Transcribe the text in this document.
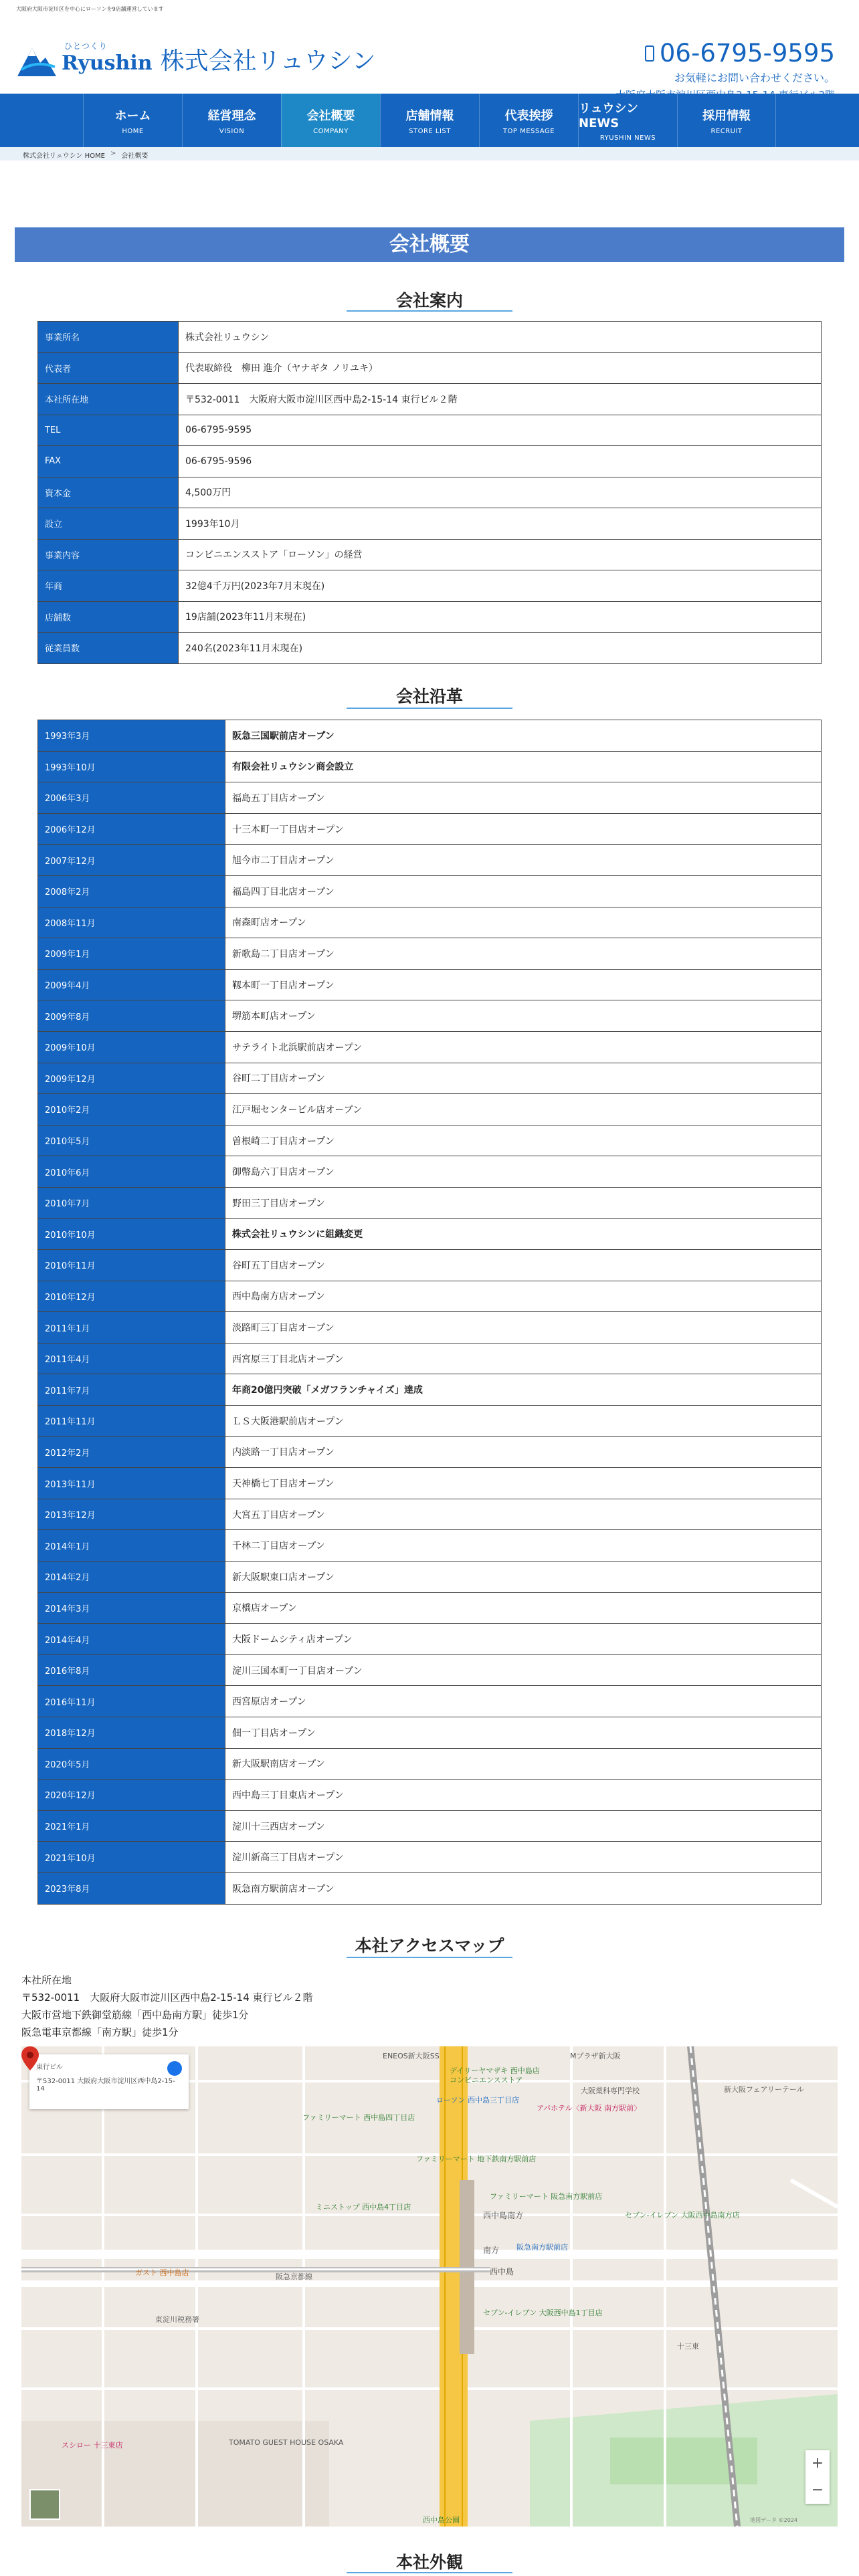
大阪府大阪市淀川区を中心にローソンを9店舗運営しています
ひとつくり
Ryushin 株式会社リュウシン	06-6795-9595
お気軽にお問い合わせください。
ホーム
HOME
経営理念
VISION
会社概要
COMPANY
店舗情報
STORE LIST
代表挨拶
TOP MESSAGE
リュウシンNEWS
RYUSHIN NEWS
採用情報
RECRUIT
株式会社リュウシン HOME > 会社概要
会社概要
会社案内
事業所名	株式会社リュウシン
代表者	代表取締役　柳田 進介（ヤナギタ ノリユキ）
本社所在地	〒532-0011　大阪府大阪市淀川区西中島2-15-14 東行ビル２階
TEL	06-6795-9595
FAX	06-6795-9596
資本金	4,500万円
設立	1993年10月
事業内容	コンビニエンスストア「ローソン」の経営
年商	32億4千万円(2023年7月末現在)
店舗数	19店舗(2023年11月末現在)
従業員数	240名(2023年11月末現在)
会社沿革
1993年3月	阪急三国駅前店オープン
1993年10月	有限会社リュウシン商会設立
2006年3月	福島五丁目店オープン
2006年12月	十三本町一丁目店オープン
2007年12月	旭今市二丁目店オープン
2008年2月	福島四丁目北店オープン
2008年11月	南森町店オープン
2009年1月	新歌島二丁目店オープン
2009年4月	靱本町一丁目店オープン
2009年8月	堺筋本町店オープン
2009年10月	サテライト北浜駅前店オープン
2009年12月	谷町二丁目店オープン
2010年2月	江戸堀センタービル店オープン
2010年5月	曽根崎二丁目店オープン
2010年6月	御幣島六丁目店オープン
2010年7月	野田三丁目店オープン
2010年10月	株式会社リュウシンに組織変更
2010年11月	谷町五丁目店オープン
2010年12月	西中島南方店オープン
2011年1月	淡路町三丁目店オープン
2011年4月	西宮原三丁目北店オープン
2011年7月	年商20億円突破「メガフランチャイズ」達成
2011年11月	ＬＳ大阪港駅前店オープン
2012年2月	内淡路一丁目店オープン
2013年11月	天神橋七丁目店オープン
2013年12月	大宮五丁目店オープン
2014年1月	千林二丁目店オープン
2014年2月	新大阪駅東口店オープン
2014年3月	京橋店オープン
2014年4月	大阪ドームシティ店オープン
2016年8月	淀川三国本町一丁目店オープン
2016年11月	西宮原店オープン
2018年12月	佃一丁目店オープン
2020年5月	新大阪駅南店オープン
2020年12月	西中島三丁目東店オープン
2021年1月	淀川十三西店オープン
2021年10月	淀川新高三丁目店オープン
2023年8月	阪急南方駅前店オープン
本社アクセスマップ
本社所在地
〒532-0011　大阪府大阪市淀川区西中島2-15-14 東行ビル２階
大阪市営地下鉄御堂筋線「西中島南方駅」徒歩1分
阪急電車京都線「南方駅」徒歩1分
東行ビル
〒532-0011 大阪府大阪市淀川区西中島2-15-14
ENEOS新大阪SS	Mプラザ新大阪
デイリーヤマザキ 西中島店
コンビニエンスストア
ローソン 西中島三丁目店
大阪薬科専門学校
アパホテル〈新大阪 南方駅前〉
ファミリーマート 西中島四丁目店
ファミリーマート 地下鉄南方駅前店
ミニストップ 西中島4丁目店
西中島南方
南方 阪急南方駅前店
ファミリーマート 阪急南方駅前店
セブン-イレブン 大阪西中島南方店
セブン-イレブン 大阪西中島1丁目店
ガスト 西中島店
東淀川税務署
スシロー 十三東店
西中島公園
新大阪フェアリーテール
西中島
阪急京都線
十三東
TOMATO GUEST HOUSE OSAKA
+
−
地図データ ©2024
本社外観
